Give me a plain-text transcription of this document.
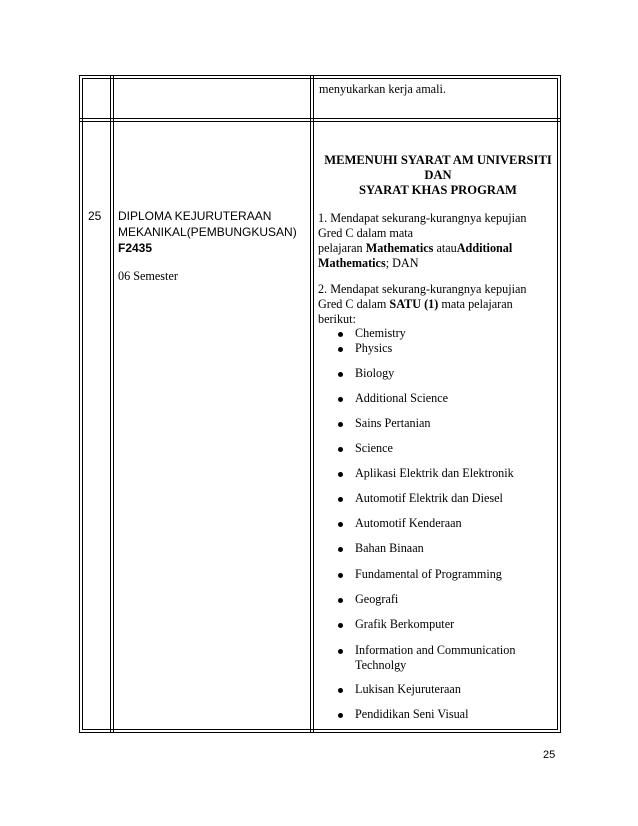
menyukarkan kerja amali.
25 DIPLOMA KEJURUTERAAN
MEKANIKAL(PEMBUNGKUSAN)
F2435
06 Semester
MEMENUHI SYARAT AM UNIVERSITI
DAN
SYARAT KHAS PROGRAM
1. Mendapat sekurang-kurangnya kepujian
Gred C dalam mata
pelajaran Mathematics atauAdditional
Mathematics; DAN
2. Mendapat sekurang-kurangnya kepujian
Gred C dalam SATU (1) mata pelajaran
berikut:
Chemistry
Physics
Biology
Additional Science
Sains Pertanian
Science
Aplikasi Elektrik dan Elektronik
Automotif Elektrik dan Diesel
Automotif Kenderaan
Bahan Binaan
Fundamental of Programming
Geografi
Grafik Berkomputer
Information and Communication
Technolgy
Lukisan Kejuruteraan
Pendidikan Seni Visual
25
